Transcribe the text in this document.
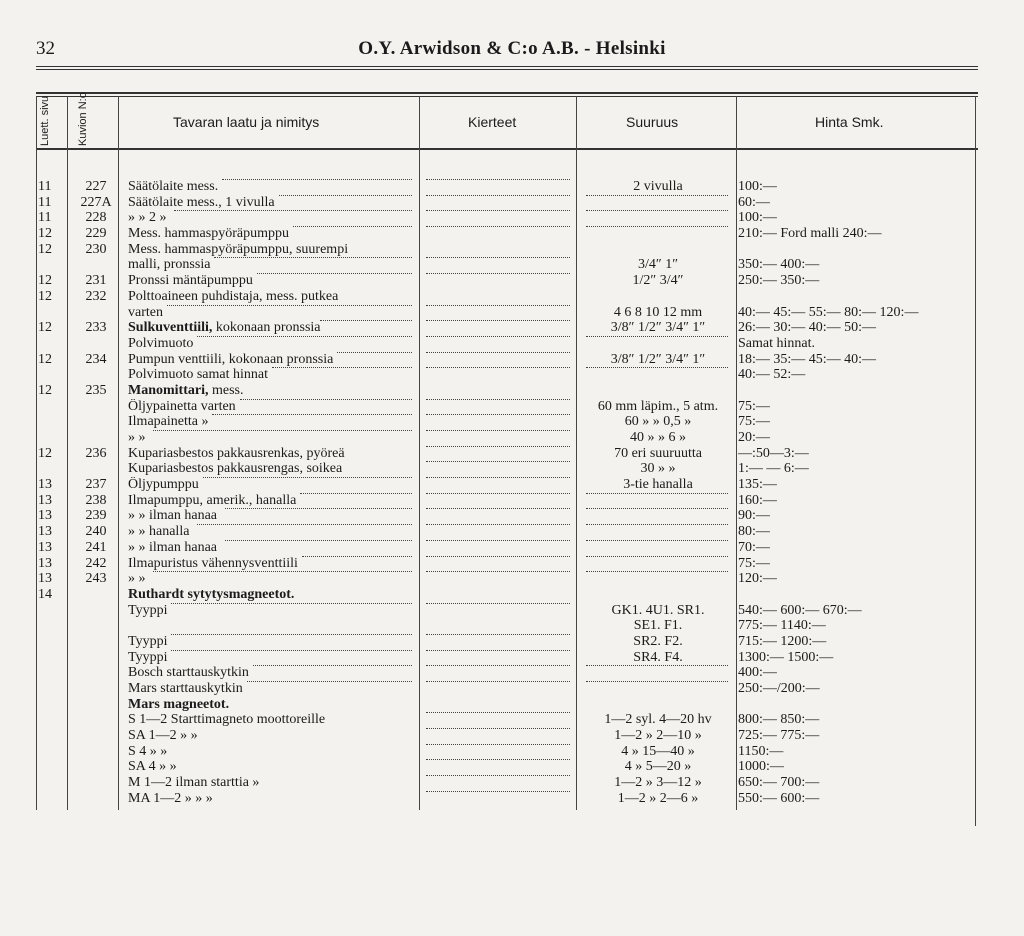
32	O.Y. Arwidson & C:o A.B. - Helsinki
Luett. sivu Kuvion N:o	Tavaran laatu ja nimitys	Kierteet	Suuruus	Hinta Smk.
11	227	Säätölaite mess.	2 vivulla	100:—
11	227A	Säätölaite mess., 1 vivulla	60:—
11	228	» » 2 »	100:—
12	229	Mess. hammaspyöräpumppu	210:— Ford malli 240:—
12	230	Mess. hammaspyöräpumppu, suurempi
malli, pronssia	3/4″ 1″	350:— 400:—
12	231	Pronssi mäntäpumppu	1/2″ 3/4″	250:— 350:—
12	232	Polttoaineen puhdistaja, mess. putkea
varten	4 6 8 10 12 mm	40:— 45:— 55:— 80:— 120:—
12	233	Sulkuventtiili, kokonaan pronssia	3/8″ 1/2″ 3/4″ 1″	26:— 30:— 40:— 50:—
Polvimuoto	Samat hinnat.
12	234	Pumpun venttiili, kokonaan pronssia	3/8″ 1/2″ 3/4″ 1″	18:— 35:— 45:— 40:—
Polvimuoto samat hinnat	40:— 52:—
12	235	Manomittari, mess.
Öljypainetta varten	60 mm läpim., 5 atm.	75:—
Ilmapainetta »	60 » » 0,5 »	75:—
» »	40 » » 6 »	20:—
12	236	Kupariasbestos pakkausrenkas, pyöreä	70 eri suuruutta	—:50—3:—
Kupariasbestos pakkausrengas, soikea	30 » »	1:— — 6:—
13	237	Öljypumppu	3-tie hanalla	135:—
13	238	Ilmapumppu, amerik., hanalla	160:—
13	239	» » ilman hanaa	90:—
13	240	» » hanalla	80:—
13	241	» » ilman hanaa	70:—
13	242	Ilmapuristus vähennysventtiili	75:—
13	243	» »	120:—
14	Ruthardt sytytysmagneetot.
Tyyppi	GK1. 4U1. SR1.	540:— 600:— 670:—
SE1. F1.	775:— 1140:—
Tyyppi	SR2. F2.	715:— 1200:—
Tyyppi	SR4. F4.	1300:— 1500:—
Bosch starttauskytkin	400:—
Mars starttauskytkin	250:—/200:—
Mars magneetot.
S 1—2 Starttimagneto moottoreille	1—2 syl. 4—20 hv	800:— 850:—
SA 1—2 » »	1—2 » 2—10 »	725:— 775:—
S 4 » »	4 » 15—40 »	1150:—
SA 4 » »	4 » 5—20 »	1000:—
M 1—2 ilman starttia »	1—2 » 3—12 »	650:— 700:—
MA 1—2 » » »	1—2 » 2—6 »	550:— 600:—
